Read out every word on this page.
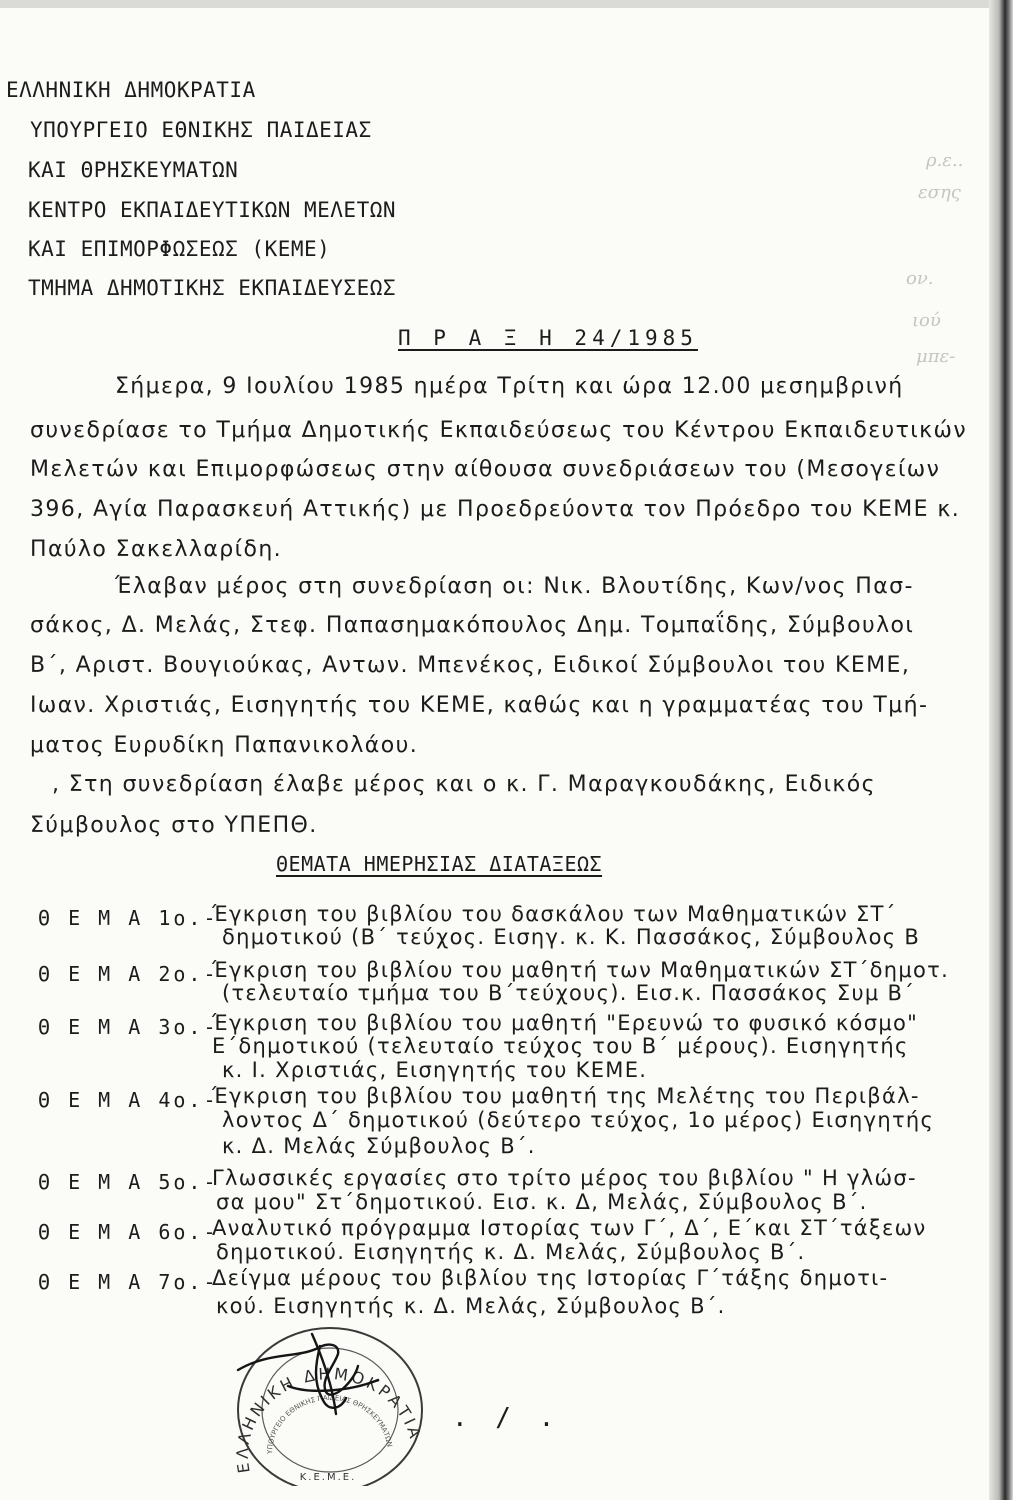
ρ.ε..
εσης
ον.
ιού
μπε-
ΕΛΛΗΝΙΚΗ ΔΗΜΟΚΡΑΤΙΑ
ΥΠΟΥΡΓΕΙΟ ΕΘΝΙΚΗΣ ΠΑΙΔΕΙΑΣ
ΚΑΙ ΘΡΗΣΚΕΥΜΑΤΩΝ
ΚΕΝΤΡΟ ΕΚΠΑΙΔΕΥΤΙΚΩΝ ΜΕΛΕΤΩΝ
ΚΑΙ ΕΠΙΜΟΡΦΩΣΕΩΣ (ΚΕΜΕ)
ΤΜΗΜΑ ΔΗΜΟΤΙΚΗΣ ΕΚΠΑΙΔΕΥΣΕΩΣ
Π Ρ Α Ξ Η 24/1985
Σήμερα, 9 Ιουλίου 1985 ημέρα Τρίτη και ώρα 12.00 μεσημβρινή
συνεδρίασε το Τμήμα Δημοτικής Εκπαιδεύσεως του Κέντρου Εκπαιδευτικών
Μελετών και Επιμορφώσεως στην αίθουσα συνεδριάσεων του (Μεσογείων
396, Αγία Παρασκευή Αττικής) με Προεδρεύοντα τον Πρόεδρο του ΚΕΜΕ κ.
Παύλο Σακελλαρίδη.
Έλαβαν μέρος στη συνεδρίαση οι: Νικ. Βλουτίδης, Κων/νος Πασ-
σάκος, Δ. Μελάς, Στεφ. Παπασημακόπουλος Δημ. Τομπαΐδης, Σύμβουλοι
Β΄, Αριστ. Βουγιούκας, Αντων. Μπενέκος, Ειδικοί Σύμβουλοι του ΚΕΜΕ,
Ιωαν. Χριστιάς, Εισηγητής του ΚΕΜΕ, καθώς και η γραμματέας του Τμή-
ματος Ευρυδίκη Παπανικολάου.
, Στη συνεδρίαση έλαβε μέρος και ο κ. Γ. Μαραγκουδάκης, Ειδικός
Σύμβουλος στο ΥΠΕΠΘ.
ΘΕΜΑΤΑ ΗΜΕΡΗΣΙΑΣ ΔΙΑΤΑΞΕΩΣ
Θ Ε Μ Α 1ο.-
Έγκριση του βιβλίου του δασκάλου των Μαθηματικών ΣΤ΄
δημοτικού (Β΄ τεύχος. Εισηγ. κ. Κ. Πασσάκος, Σύμβουλος Β
Θ Ε Μ Α 2ο.-
Έγκριση του βιβλίου του μαθητή των Μαθηματικών ΣΤ΄δημοτ.
(τελευταίο τμήμα του Β΄τεύχους). Εισ.κ. Πασσάκος Συμ Β΄
Θ Ε Μ Α 3ο.-
Έγκριση του βιβλίου του μαθητή "Ερευνώ το φυσικό κόσμο"
Ε΄δημοτικού (τελευταίο τεύχος του Β΄ μέρους). Εισηγητής
κ. Ι. Χριστιάς, Εισηγητής του ΚΕΜΕ.
Θ Ε Μ Α 4ο.-
Έγκριση του βιβλίου του μαθητή της Μελέτης του Περιβάλ-
λοντος Δ΄ δημοτικού (δεύτερο τεύχος, 1ο μέρος) Εισηγητής
κ. Δ. Μελάς Σύμβουλος Β΄.
Θ Ε Μ Α 5ο.-
Γλωσσικές εργασίες στο τρίτο μέρος του βιβλίου " Η γλώσ-
σα μου" Στ΄δημοτικού. Εισ. κ. Δ, Μελάς, Σύμβουλος Β΄.
Θ Ε Μ Α 6ο.-
Αναλυτικό πρόγραμμα Ιστορίας των Γ΄, Δ΄, Ε΄και ΣΤ΄τάξεων
δημοτικού. Εισηγητής κ. Δ. Μελάς, Σύμβουλος Β΄.
Θ Ε Μ Α 7ο.-
Δείγμα μέρους του βιβλίου της Ιστορίας Γ΄τάξης δημοτι-
κού. Εισηγητής κ. Δ. Μελάς, Σύμβουλος Β΄.
. / .
ΕΛΛΗΝΙΚΗ ΔΗΜΟΚΡΑΤΙΑ
ΥΠΟΥΡΓΕΙΟ ΕΘΝΙΚΗΣ ΠΑΙΔΕΙΑΣ ΘΡΗΣΚΕΥΜΑΤΩΝ
Κ.Ε.Μ.Ε.
